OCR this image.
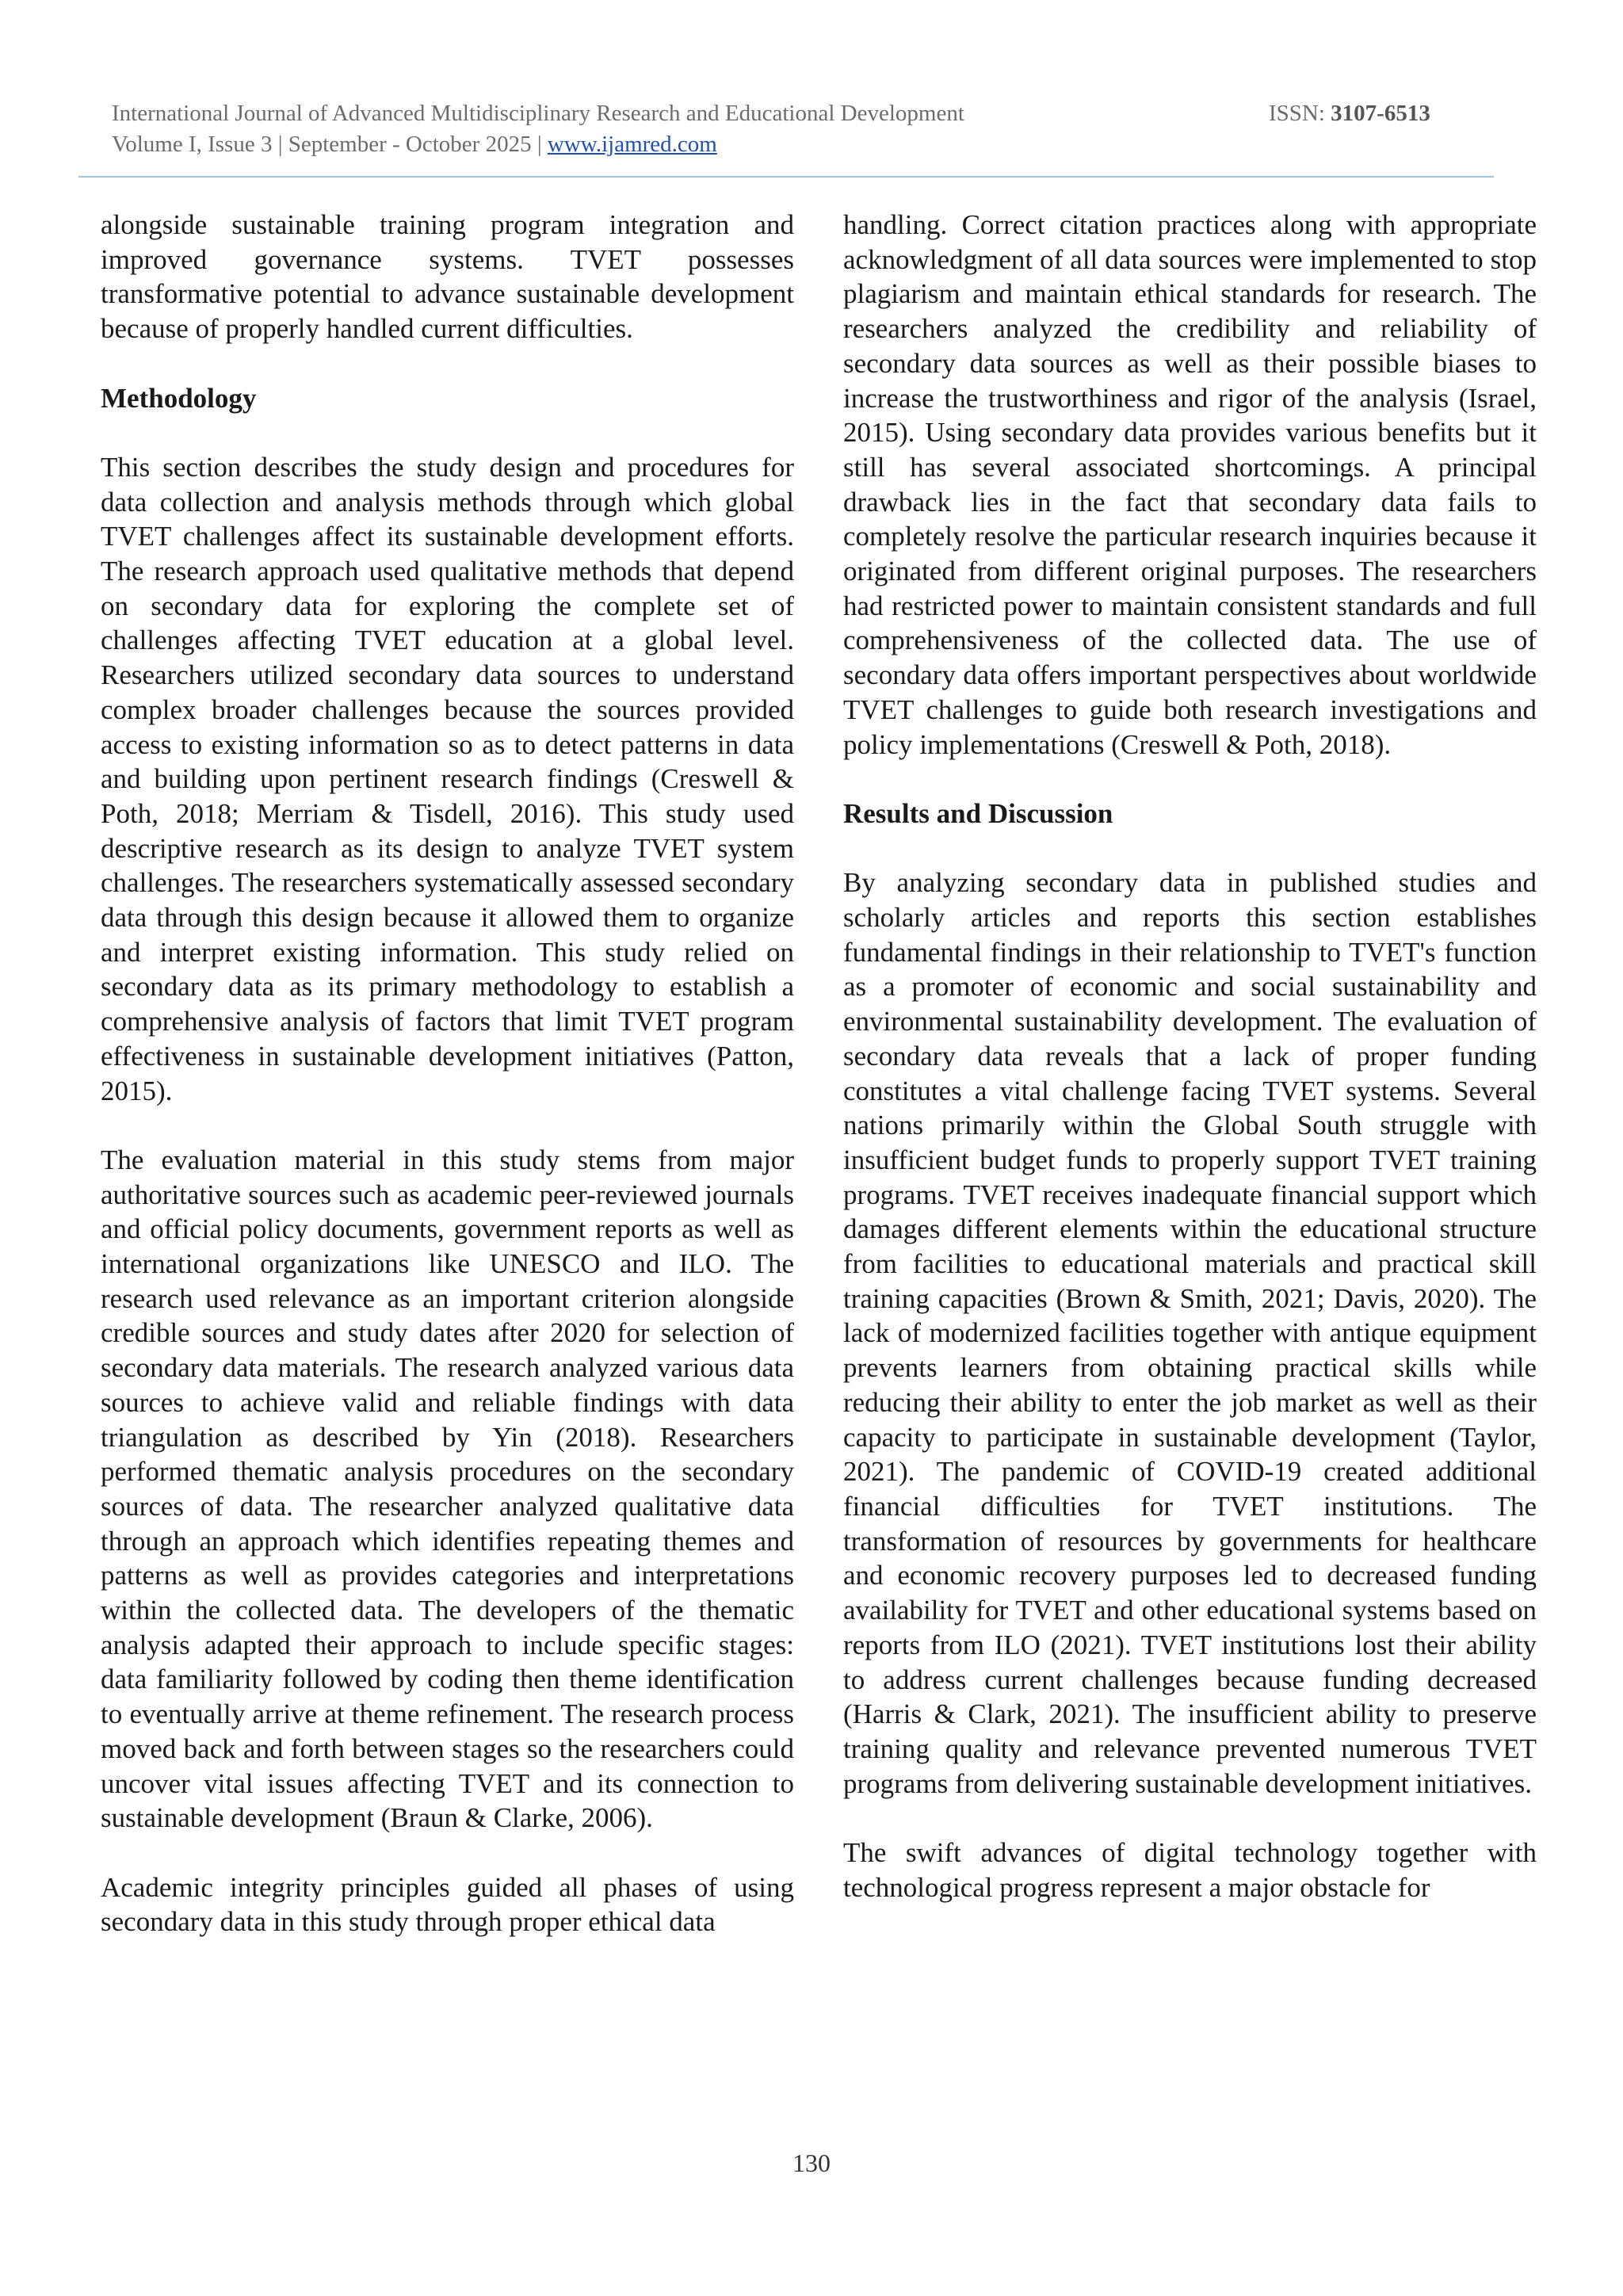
International Journal of Advanced Multidisciplinary Research and Educational Development
Volume I, Issue 3 | September - October 2025 | www.ijamred.com
ISSN: 3107-6513

alongside sustainable training program integration and improved governance systems. TVET possesses transformative potential to advance sustainable development because of properly handled current difficulties.

Methodology

This section describes the study design and procedures for data collection and analysis methods through which global TVET challenges affect its sustainable development efforts. The research approach used qualitative methods that depend on secondary data for exploring the complete set of challenges affecting TVET education at a global level. Researchers utilized secondary data sources to understand complex broader challenges because the sources provided access to existing information so as to detect patterns in data and building upon pertinent research findings (Creswell & Poth, 2018; Merriam & Tisdell, 2016). This study used descriptive research as its design to analyze TVET system challenges. The researchers systematically assessed secondary data through this design because it allowed them to organize and interpret existing information. This study relied on secondary data as its primary methodology to establish a comprehensive analysis of factors that limit TVET program effectiveness in sustainable development initiatives (Patton, 2015).

The evaluation material in this study stems from major authoritative sources such as academic peer-reviewed journals and official policy documents, government reports as well as international organizations like UNESCO and ILO. The research used relevance as an important criterion alongside credible sources and study dates after 2020 for selection of secondary data materials. The research analyzed various data sources to achieve valid and reliable findings with data triangulation as described by Yin (2018). Researchers performed thematic analysis procedures on the secondary sources of data. The researcher analyzed qualitative data through an approach which identifies repeating themes and patterns as well as provides categories and interpretations within the collected data. The developers of the thematic analysis adapted their approach to include specific stages: data familiarity followed by coding then theme identification to eventually arrive at theme refinement. The research process moved back and forth between stages so the researchers could uncover vital issues affecting TVET and its connection to sustainable development (Braun & Clarke, 2006).

Academic integrity principles guided all phases of using secondary data in this study through proper ethical data

handling. Correct citation practices along with appropriate acknowledgment of all data sources were implemented to stop plagiarism and maintain ethical standards for research. The researchers analyzed the credibility and reliability of secondary data sources as well as their possible biases to increase the trustworthiness and rigor of the analysis (Israel, 2015). Using secondary data provides various benefits but it still has several associated shortcomings. A principal drawback lies in the fact that secondary data fails to completely resolve the particular research inquiries because it originated from different original purposes. The researchers had restricted power to maintain consistent standards and full comprehensiveness of the collected data. The use of secondary data offers important perspectives about worldwide TVET challenges to guide both research investigations and policy implementations (Creswell & Poth, 2018).

Results and Discussion

By analyzing secondary data in published studies and scholarly articles and reports this section establishes fundamental findings in their relationship to TVET's function as a promoter of economic and social sustainability and environmental sustainability development. The evaluation of secondary data reveals that a lack of proper funding constitutes a vital challenge facing TVET systems. Several nations primarily within the Global South struggle with insufficient budget funds to properly support TVET training programs. TVET receives inadequate financial support which damages different elements within the educational structure from facilities to educational materials and practical skill training capacities (Brown & Smith, 2021; Davis, 2020). The lack of modernized facilities together with antique equipment prevents learners from obtaining practical skills while reducing their ability to enter the job market as well as their capacity to participate in sustainable development (Taylor, 2021). The pandemic of COVID-19 created additional financial difficulties for TVET institutions. The transformation of resources by governments for healthcare and economic recovery purposes led to decreased funding availability for TVET and other educational systems based on reports from ILO (2021). TVET institutions lost their ability to address current challenges because funding decreased (Harris & Clark, 2021). The insufficient ability to preserve training quality and relevance prevented numerous TVET programs from delivering sustainable development initiatives.

The swift advances of digital technology together with technological progress represent a major obstacle for

130
